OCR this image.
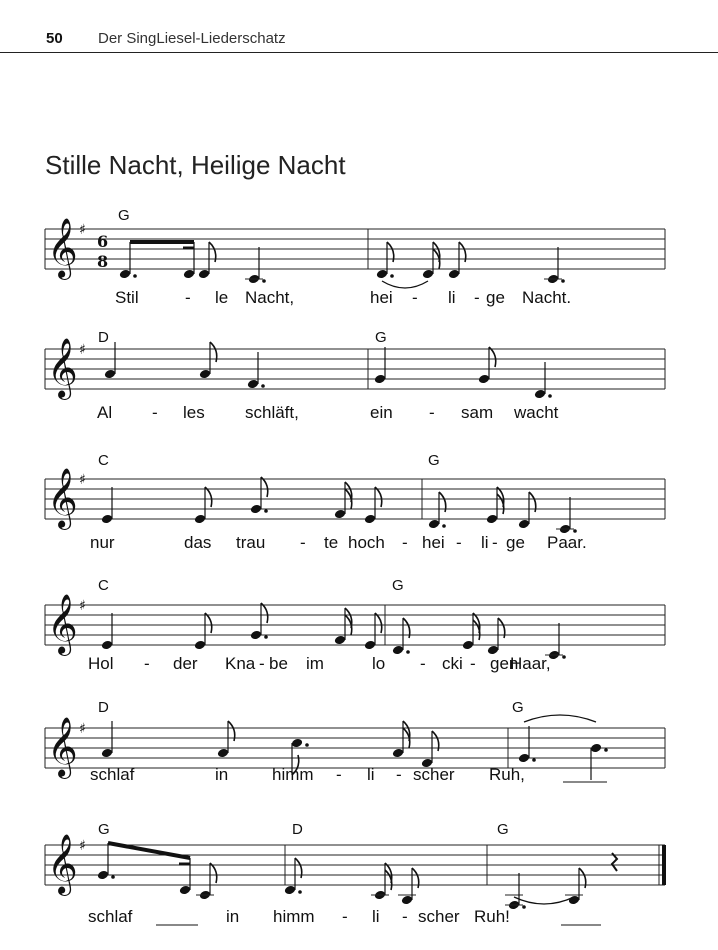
50 Der SingLiesel-Liederschatz
Stille Nacht, Heilige Nacht
𝄞 ♯
6
8
G
Stil	- le Nacht,	hei - li - ge Nacht.
𝄞 ♯
D	G
Al - les schläft,	ein - sam wacht
𝄞 ♯
C	G
nur	das trau - te hoch - hei - li - ge Paar.
𝄞 ♯
C	G
Hol - der Kna - be im	lo - cki - gen
Haar,
𝄞 ♯
D	G
schlaf	in	himm - li - scher Ruh,
𝄞 ♯
G	D	G
schlaf	in himm - li - scher Ruh!
